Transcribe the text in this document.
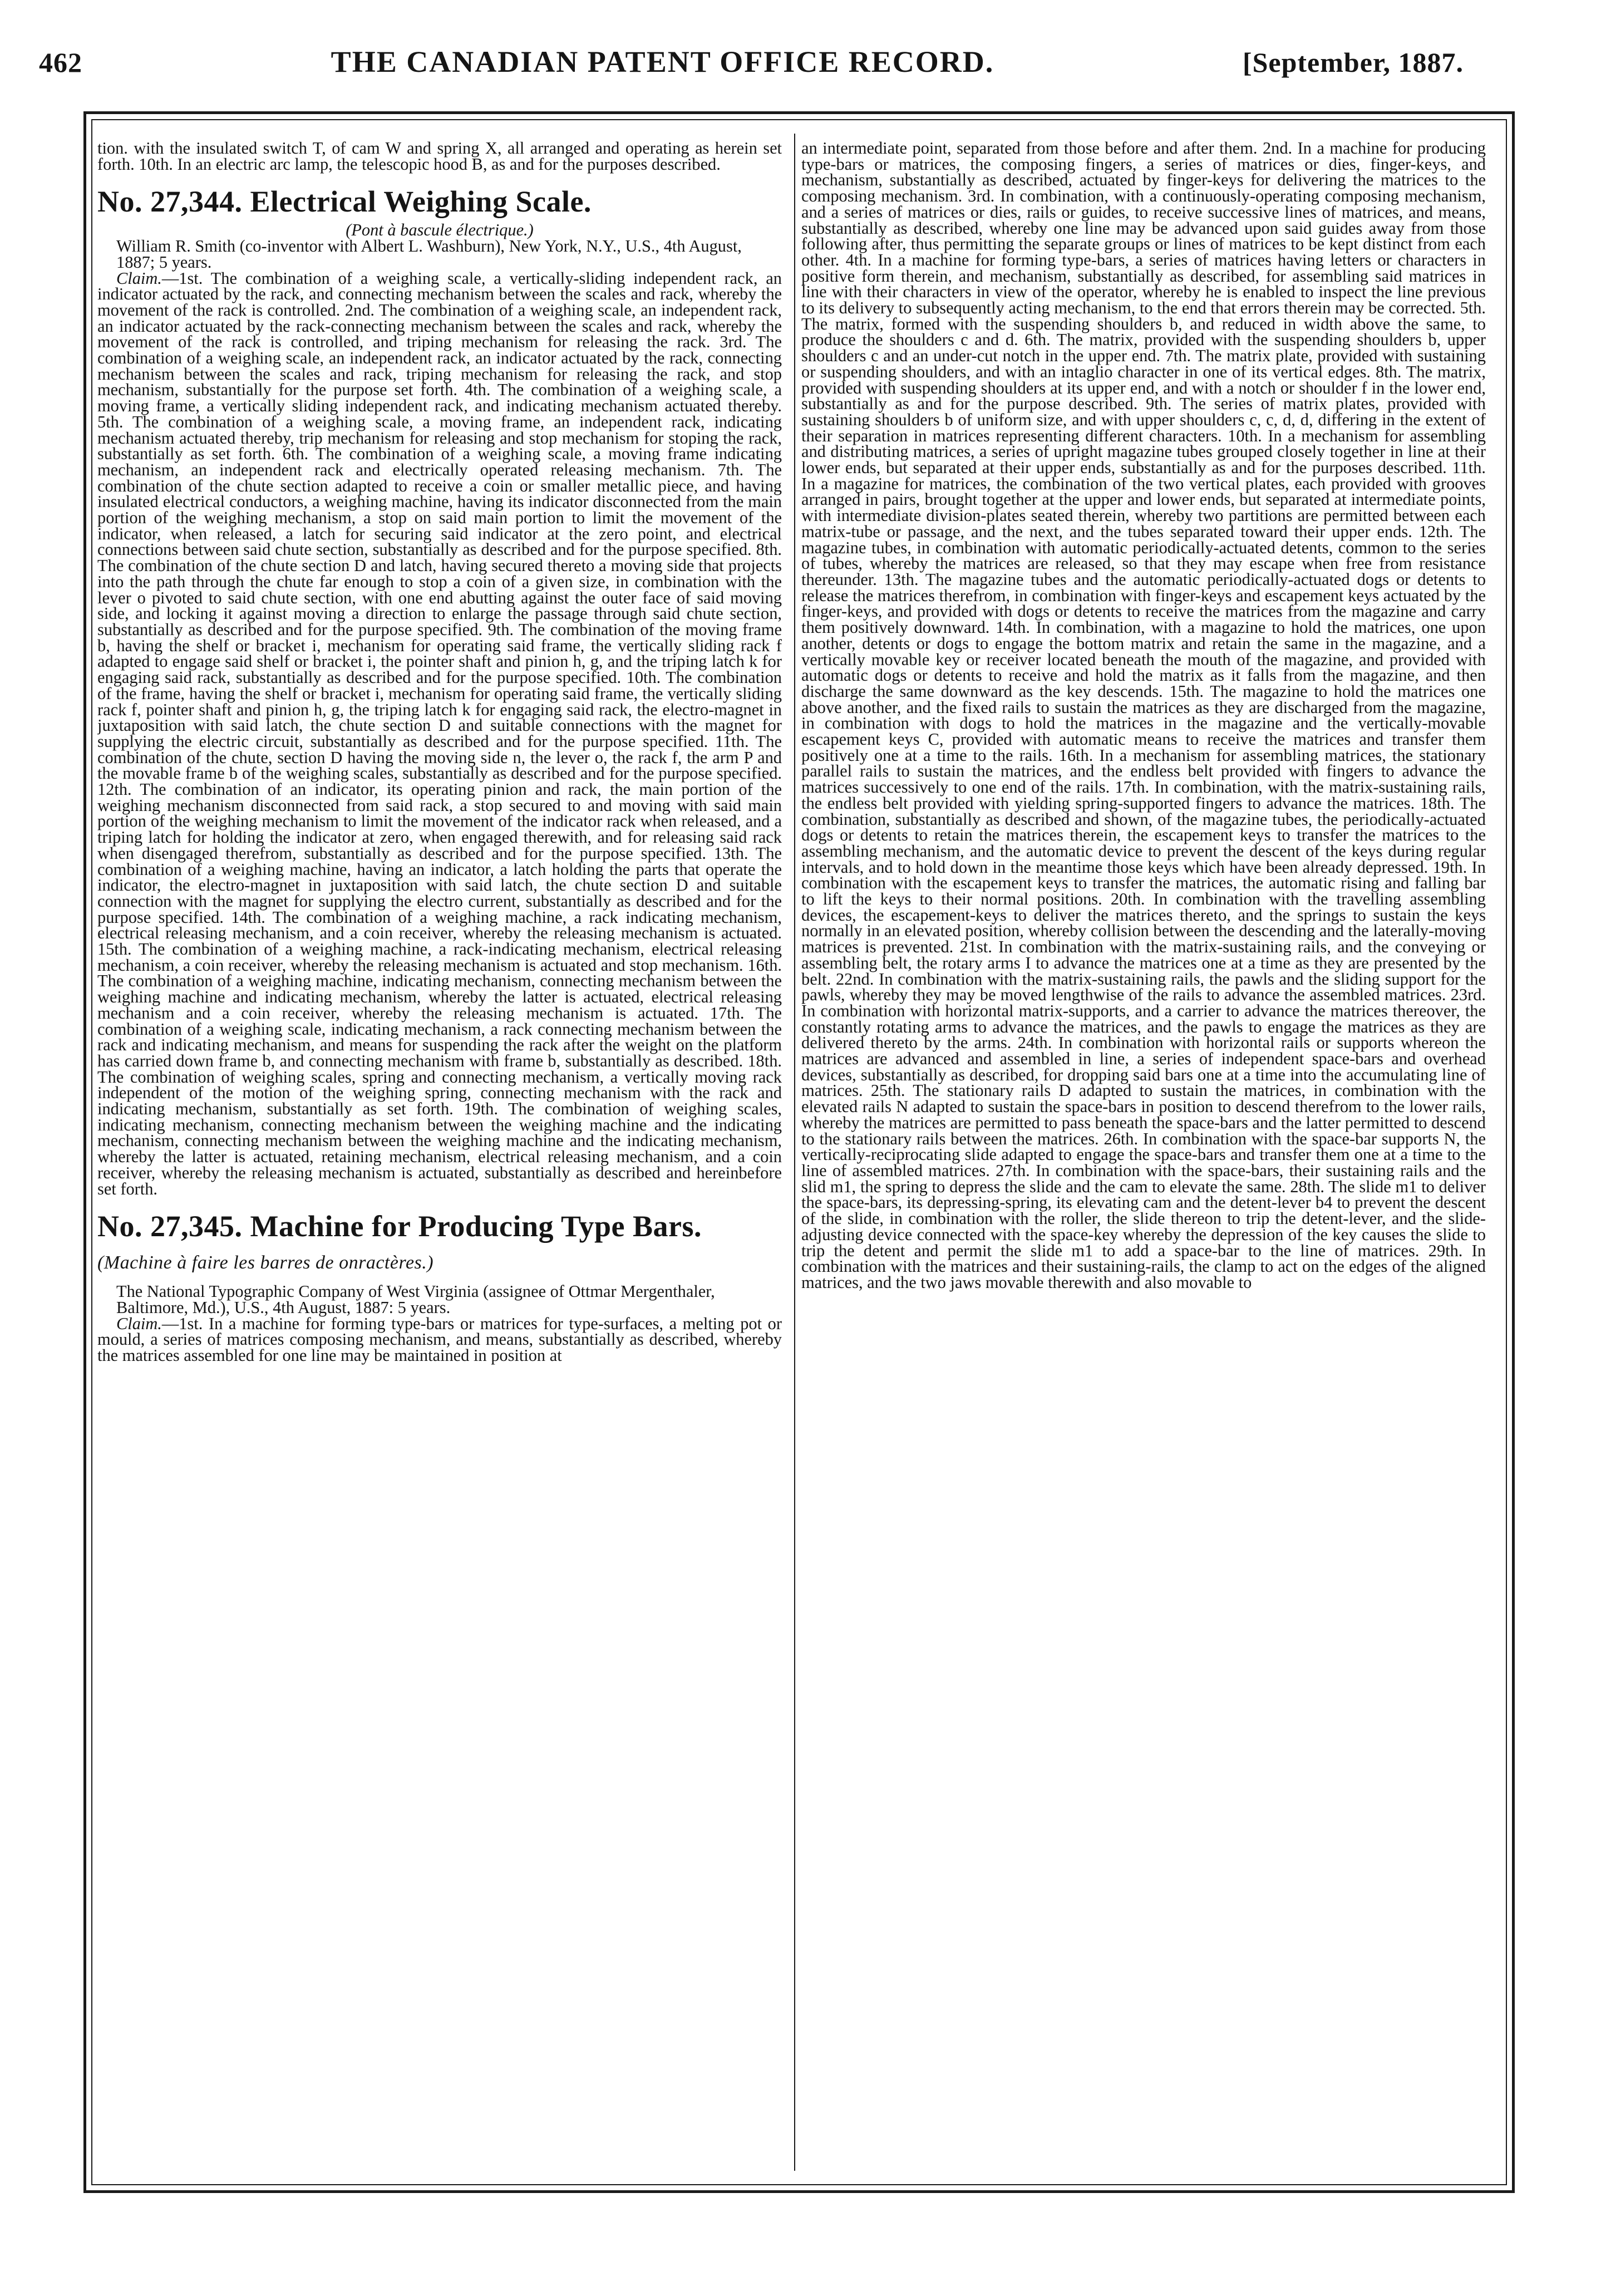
462	THE CANADIAN PATENT OFFICE RECORD.	[September, 1887.

tion. with the insulated switch T, of cam W and spring X, all arranged and operating as herein set forth. 10th. In an electric arc lamp, the telescopic hood B, as and for the purposes described.

No. 27,344. Electrical Weighing Scale.

(Pont à bascule électrique.)

William R. Smith (co-inventor with Albert L. Washburn), New York, N.Y., U.S., 4th August, 1887; 5 years.

Claim.—1st. The combination of a weighing scale, a vertically-sliding independent rack, an indicator actuated by the rack, and connecting mechanism between the scales and rack, whereby the movement of the rack is controlled. 2nd. The combination of a weighing scale, an independent rack, an indicator actuated by the rack-connecting mechanism between the scales and rack, whereby the movement of the rack is controlled, and triping mechanism for releasing the rack. 3rd. The combination of a weighing scale, an independent rack, an indicator actuated by the rack, connecting mechanism between the scales and rack, triping mechanism for releasing the rack, and stop mechanism, substantially for the purpose set forth. 4th. The combination of a weighing scale, a moving frame, a vertically sliding independent rack, and indicating mechanism actuated thereby. 5th. The combination of a weighing scale, a moving frame, an independent rack, indicating mechanism actuated thereby, trip mechanism for releasing and stop mechanism for stoping the rack, substantially as set forth. 6th. The combination of a weighing scale, a moving frame indicating mechanism, an independent rack and electrically operated releasing mechanism. 7th. The combination of the chute section adapted to receive a coin or smaller metallic piece, and having insulated electrical conductors, a weighing machine, having its indicator disconnected from the main portion of the weighing mechanism, a stop on said main portion to limit the movement of the indicator, when released, a latch for securing said indicator at the zero point, and electrical connections between said chute section, substantially as described and for the purpose specified. 8th. The combination of the chute section D and latch, having secured thereto a moving side that projects into the path through the chute far enough to stop a coin of a given size, in combination with the lever o pivoted to said chute section, with one end abutting against the outer face of said moving side, and locking it against moving a direction to enlarge the passage through said chute section, substantially as described and for the purpose specified. 9th. The combination of the moving frame b, having the shelf or bracket i, mechanism for operating said frame, the vertically sliding rack f adapted to engage said shelf or bracket i, the pointer shaft and pinion h, g, and the triping latch k for engaging said rack, substantially as described and for the purpose specified. 10th. The combination of the frame, having the shelf or bracket i, mechanism for operating said frame, the vertically sliding rack f, pointer shaft and pinion h, g, the triping latch k for engaging said rack, the electro-magnet in juxtaposition with said latch, the chute section D and suitable connections with the magnet for supplying the electric circuit, substantially as described and for the purpose specified. 11th. The combination of the chute, section D having the moving side n, the lever o, the rack f, the arm P and the movable frame b of the weighing scales, substantially as described and for the purpose specified. 12th. The combination of an indicator, its operating pinion and rack, the main portion of the weighing mechanism disconnected from said rack, a stop secured to and moving with said main portion of the weighing mechanism to limit the movement of the indicator rack when released, and a triping latch for holding the indicator at zero, when engaged therewith, and for releasing said rack when disengaged therefrom, substantially as described and for the purpose specified. 13th. The combination of a weighing machine, having an indicator, a latch holding the parts that operate the indicator, the electro-magnet in juxtaposition with said latch, the chute section D and suitable connection with the magnet for supplying the electro current, substantially as described and for the purpose specified. 14th. The combination of a weighing machine, a rack indicating mechanism, electrical releasing mechanism, and a coin receiver, whereby the releasing mechanism is actuated. 15th. The combination of a weighing machine, a rack-indicating mechanism, electrical releasing mechanism, a coin receiver, whereby the releasing mechanism is actuated and stop mechanism. 16th. The combination of a weighing machine, indicating mechanism, connecting mechanism between the weighing machine and indicating mechanism, whereby the latter is actuated, electrical releasing mechanism and a coin receiver, whereby the releasing mechanism is actuated. 17th. The combination of a weighing scale, indicating mechanism, a rack connecting mechanism between the rack and indicating mechanism, and means for suspending the rack after the weight on the platform has carried down frame b, and connecting mechanism with frame b, substantially as described. 18th. The combination of weighing scales, spring and connecting mechanism, a vertically moving rack independent of the motion of the weighing spring, connecting mechanism with the rack and indicating mechanism, substantially as set forth. 19th. The combination of weighing scales, indicating mechanism, connecting mechanism between the weighing machine and the indicating mechanism, connecting mechanism between the weighing machine and the indicating mechanism, whereby the latter is actuated, retaining mechanism, electrical releasing mechanism, and a coin receiver, whereby the releasing mechanism is actuated, substantially as described and hereinbefore set forth.

No. 27,345. Machine for Producing Type Bars. (Machine à faire les barres de onractères.)

The National Typographic Company of West Virginia (assignee of Ottmar Mergenthaler, Baltimore, Md.), U.S., 4th August, 1887: 5 years.

Claim.—1st. In a machine for forming type-bars or matrices for type-surfaces, a melting pot or mould, a series of matrices composing mechanism, and means, substantially as described, whereby the matrices assembled for one line may be maintained in position at

an intermediate point, separated from those before and after them. 2nd. In a machine for producing type-bars or matrices, the composing fingers, a series of matrices or dies, finger-keys, and mechanism, substantially as described, actuated by finger-keys for delivering the matrices to the composing mechanism. 3rd. In combination, with a continuously-operating composing mechanism, and a series of matrices or dies, rails or guides, to receive successive lines of matrices, and means, substantially as described, whereby one line may be advanced upon said guides away from those following after, thus permitting the separate groups or lines of matrices to be kept distinct from each other. 4th. In a machine for forming type-bars, a series of matrices having letters or characters in positive form therein, and mechanism, substantially as described, for assembling said matrices in line with their characters in view of the operator, whereby he is enabled to inspect the line previous to its delivery to subsequently acting mechanism, to the end that errors therein may be corrected. 5th. The matrix, formed with the suspending shoulders b, and reduced in width above the same, to produce the shoulders c and d. 6th. The matrix, provided with the suspending shoulders b, upper shoulders c and an under-cut notch in the upper end. 7th. The matrix plate, provided with sustaining or suspending shoulders, and with an intaglio character in one of its vertical edges. 8th. The matrix, provided with suspending shoulders at its upper end, and with a notch or shoulder f in the lower end, substantially as and for the purpose described. 9th. The series of matrix plates, provided with sustaining shoulders b of uniform size, and with upper shoulders c, c, d, d, differing in the extent of their separation in matrices representing different characters. 10th. In a mechanism for assembling and distributing matrices, a series of upright magazine tubes grouped closely together in line at their lower ends, but separated at their upper ends, substantially as and for the purposes described. 11th. In a magazine for matrices, the combination of the two vertical plates, each provided with grooves arranged in pairs, brought together at the upper and lower ends, but separated at intermediate points, with intermediate division-plates seated therein, whereby two partitions are permitted between each matrix-tube or passage, and the next, and the tubes separated toward their upper ends. 12th. The magazine tubes, in combination with automatic periodically-actuated detents, common to the series of tubes, whereby the matrices are released, so that they may escape when free from resistance thereunder. 13th. The magazine tubes and the automatic periodically-actuated dogs or detents to release the matrices therefrom, in combination with finger-keys and escapement keys actuated by the finger-keys, and provided with dogs or detents to receive the matrices from the magazine and carry them positively downward. 14th. In combination, with a magazine to hold the matrices, one upon another, detents or dogs to engage the bottom matrix and retain the same in the magazine, and a vertically movable key or receiver located beneath the mouth of the magazine, and provided with automatic dogs or detents to receive and hold the matrix as it falls from the magazine, and then discharge the same downward as the key descends. 15th. The magazine to hold the matrices one above another, and the fixed rails to sustain the matrices as they are discharged from the magazine, in combination with dogs to hold the matrices in the magazine and the vertically-movable escapement keys C, provided with automatic means to receive the matrices and transfer them positively one at a time to the rails. 16th. In a mechanism for assembling matrices, the stationary parallel rails to sustain the matrices, and the endless belt provided with fingers to advance the matrices successively to one end of the rails. 17th. In combination, with the matrix-sustaining rails, the endless belt provided with yielding spring-supported fingers to advance the matrices. 18th. The combination, substantially as described and shown, of the magazine tubes, the periodically-actuated dogs or detents to retain the matrices therein, the escapement keys to transfer the matrices to the assembling mechanism, and the automatic device to prevent the descent of the keys during regular intervals, and to hold down in the meantime those keys which have been already depressed. 19th. In combination with the escapement keys to transfer the matrices, the automatic rising and falling bar to lift the keys to their normal positions. 20th. In combination with the travelling assembling devices, the escapement-keys to deliver the matrices thereto, and the springs to sustain the keys normally in an elevated position, whereby collision between the descending and the laterally-moving matrices is prevented. 21st. In combination with the matrix-sustaining rails, and the conveying or assembling belt, the rotary arms I to advance the matrices one at a time as they are presented by the belt. 22nd. In combination with the matrix-sustaining rails, the pawls and the sliding support for the pawls, whereby they may be moved lengthwise of the rails to advance the assembled matrices. 23rd. In combination with horizontal matrix-supports, and a carrier to advance the matrices thereover, the constantly rotating arms to advance the matrices, and the pawls to engage the matrices as they are delivered thereto by the arms. 24th. In combination with horizontal rails or supports whereon the matrices are advanced and assembled in line, a series of independent space-bars and overhead devices, substantially as described, for dropping said bars one at a time into the accumulating line of matrices. 25th. The stationary rails D adapted to sustain the matrices, in combination with the elevated rails N adapted to sustain the space-bars in position to descend therefrom to the lower rails, whereby the matrices are permitted to pass beneath the space-bars and the latter permitted to descend to the stationary rails between the matrices. 26th. In combination with the space-bar supports N, the vertically-reciprocating slide adapted to engage the space-bars and transfer them one at a time to the line of assembled matrices. 27th. In combination with the space-bars, their sustaining rails and the slid m1, the spring to depress the slide and the cam to elevate the same. 28th. The slide m1 to deliver the space-bars, its depressing-spring, its elevating cam and the detent-lever b4 to prevent the descent of the slide, in combination with the roller, the slide thereon to trip the detent-lever, and the slide-adjusting device connected with the space-key whereby the depression of the key causes the slide to trip the detent and permit the slide m1 to add a space-bar to the line of matrices. 29th. In combination with the matrices and their sustaining-rails, the clamp to act on the edges of the aligned matrices, and the two jaws movable therewith and also movable to
